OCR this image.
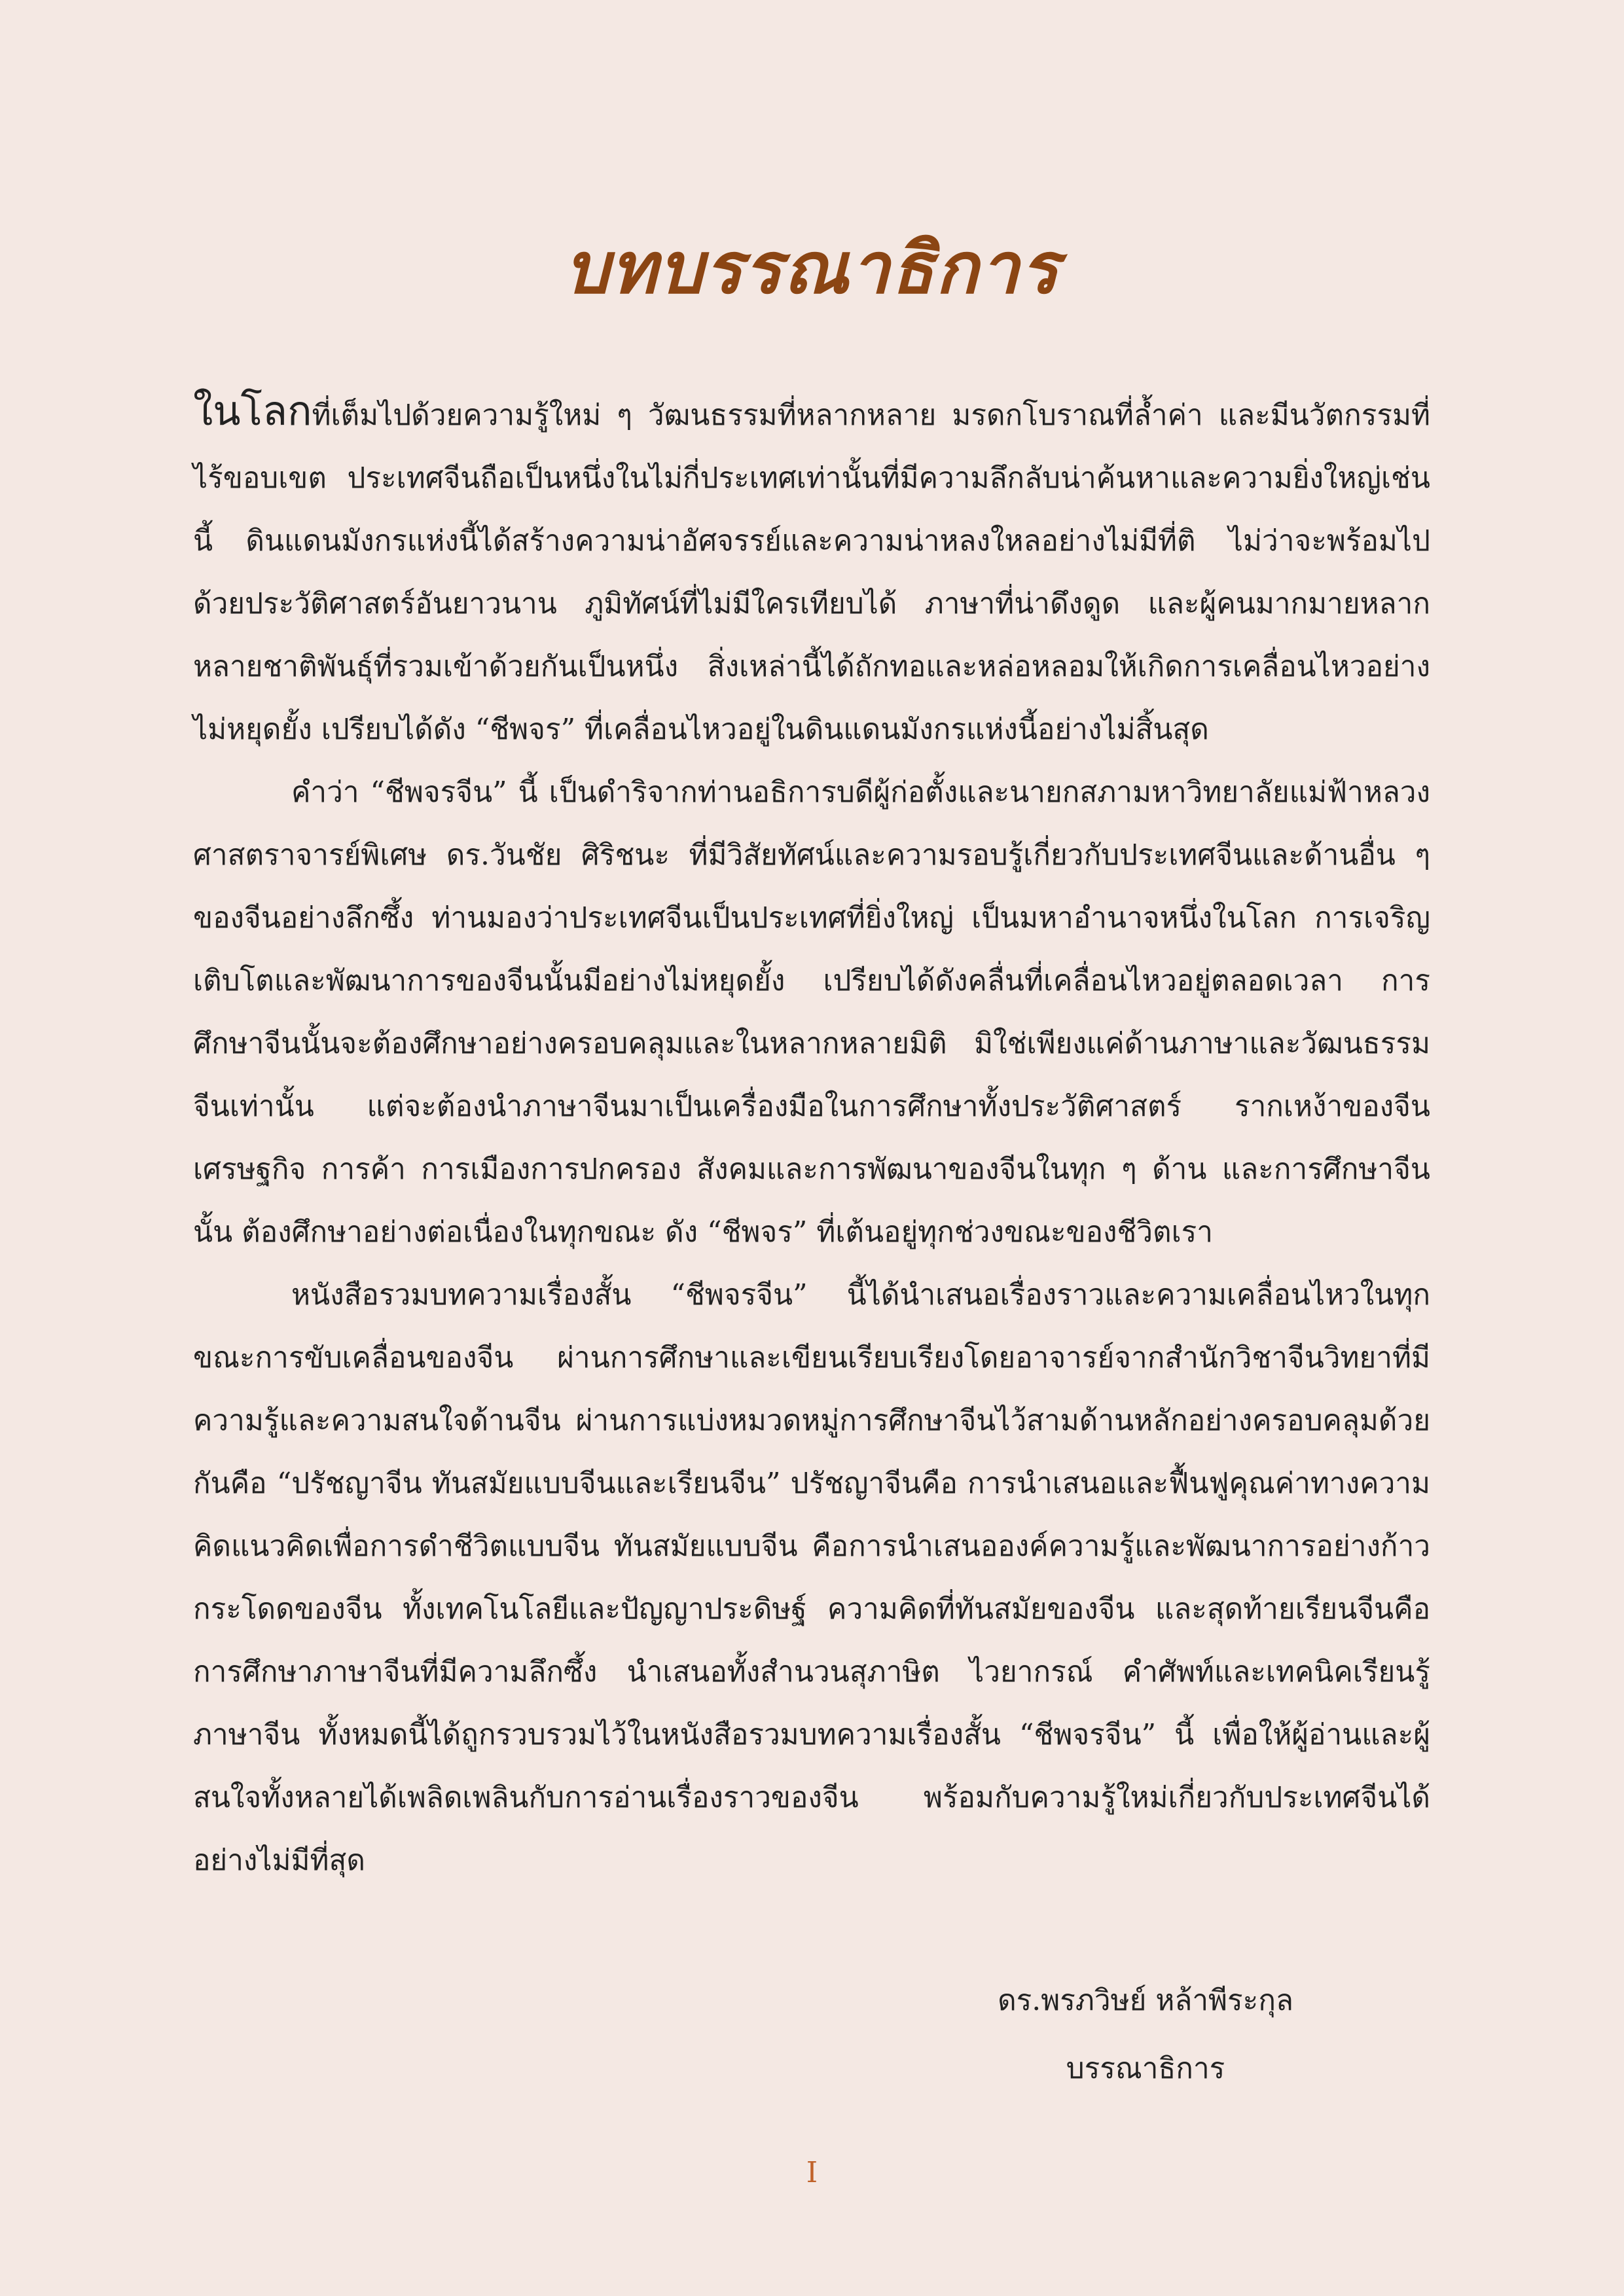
บทบรรณาธิการ

ในโลกที่เต็มไปด้วยความรู้ใหม่ ๆ วัฒนธรรมที่หลากหลาย มรดกโบราณที่ล้ำค่า และมีนวัตกรรมที่ไร้ขอบเขต ประเทศจีนถือเป็นหนึ่งในไม่กี่ประเทศเท่านั้นที่มีความลึกลับน่าค้นหาและความยิ่งใหญ่เช่นนี้ ดินแดนมังกรแห่งนี้ได้สร้างความน่าอัศจรรย์และความน่าหลงใหลอย่างไม่มีที่ติ ไม่ว่าจะพร้อมไปด้วยประวัติศาสตร์อันยาวนาน ภูมิทัศน์ที่ไม่มีใครเทียบได้ ภาษาที่น่าดึงดูด และผู้คนมากมายหลากหลายชาติพันธุ์ที่รวมเข้าด้วยกันเป็นหนึ่ง สิ่งเหล่านี้ได้ถักทอและหล่อหลอมให้เกิดการเคลื่อนไหวอย่างไม่หยุดยั้ง เปรียบได้ดัง “ชีพจร” ที่เคลื่อนไหวอยู่ในดินแดนมังกรแห่งนี้อย่างไม่สิ้นสุด

คำว่า “ชีพจรจีน” นี้ เป็นดำริจากท่านอธิการบดีผู้ก่อตั้งและนายกสภามหาวิทยาลัยแม่ฟ้าหลวง ศาสตราจารย์พิเศษ ดร.วันชัย ศิริชนะ ที่มีวิสัยทัศน์และความรอบรู้เกี่ยวกับประเทศจีนและด้านอื่น ๆ ของจีนอย่างลึกซึ้ง ท่านมองว่าประเทศจีนเป็นประเทศที่ยิ่งใหญ่ เป็นมหาอำนาจหนึ่งในโลก การเจริญเติบโตและพัฒนาการของจีนนั้นมีอย่างไม่หยุดยั้ง เปรียบได้ดังคลื่นที่เคลื่อนไหวอยู่ตลอดเวลา การศึกษาจีนนั้นจะต้องศึกษาอย่างครอบคลุมและในหลากหลายมิติ มิใช่เพียงแค่ด้านภาษาและวัฒนธรรมจีนเท่านั้น แต่จะต้องนำภาษาจีนมาเป็นเครื่องมือในการศึกษาทั้งประวัติศาสตร์ รากเหง้าของจีน เศรษฐกิจ การค้า การเมืองการปกครอง สังคมและการพัฒนาของจีนในทุก ๆ ด้าน และการศึกษาจีนนั้น ต้องศึกษาอย่างต่อเนื่องในทุกขณะ ดัง “ชีพจร” ที่เต้นอยู่ทุกช่วงขณะของชีวิตเรา

หนังสือรวมบทความเรื่องสั้น “ชีพจรจีน” นี้ได้นำเสนอเรื่องราวและความเคลื่อนไหวในทุกขณะการขับเคลื่อนของจีน ผ่านการศึกษาและเขียนเรียบเรียงโดยอาจารย์จากสำนักวิชาจีนวิทยาที่มีความรู้และความสนใจด้านจีน ผ่านการแบ่งหมวดหมู่การศึกษาจีนไว้สามด้านหลักอย่างครอบคลุมด้วยกันคือ “ปรัชญาจีน ทันสมัยแบบจีนและเรียนจีน” ปรัชญาจีนคือ การนำเสนอและฟื้นฟูคุณค่าทางความคิดแนวคิดเพื่อการดำชีวิตแบบจีน ทันสมัยแบบจีน คือการนำเสนอองค์ความรู้และพัฒนาการอย่างก้าวกระโดดของจีน ทั้งเทคโนโลยีและปัญญาประดิษฐ์ ความคิดที่ทันสมัยของจีน และสุดท้ายเรียนจีนคือการศึกษาภาษาจีนที่มีความลึกซึ้ง นำเสนอทั้งสำนวนสุภาษิต ไวยากรณ์ คำศัพท์และเทคนิคเรียนรู้ภาษาจีน ทั้งหมดนี้ได้ถูกรวบรวมไว้ในหนังสือรวมบทความเรื่องสั้น “ชีพจรจีน” นี้ เพื่อให้ผู้อ่านและผู้สนใจทั้งหลายได้เพลิดเพลินกับการอ่านเรื่องราวของจีน พร้อมกับความรู้ใหม่เกี่ยวกับประเทศจีนได้อย่างไม่มีที่สุด

ดร.พรภวิษย์ หล้าพีระกุล
บรรณาธิการ
I
